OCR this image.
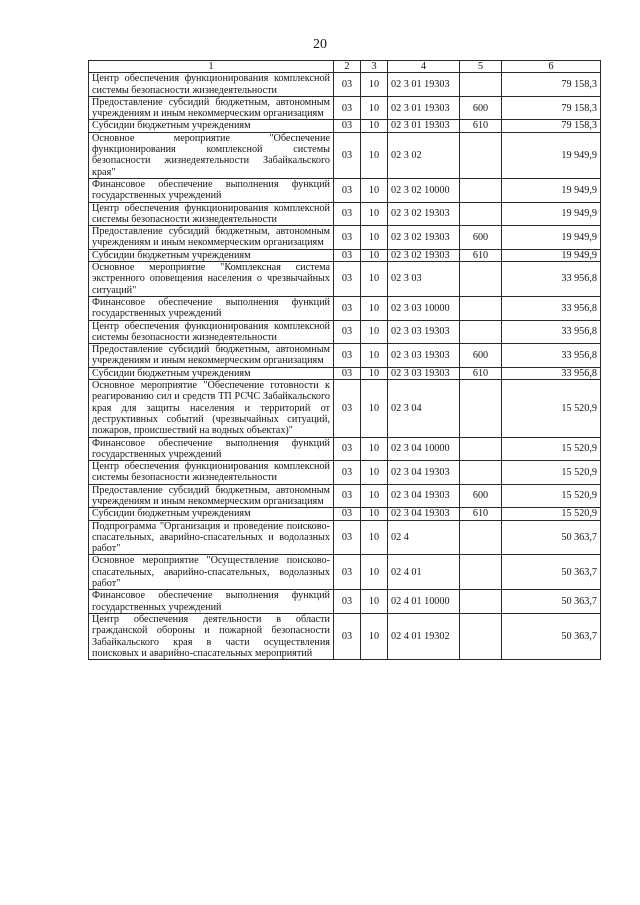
20
1	2	3	4	5	6
Центр обеспечения функционирования комплексной системы безопасности жизнедеятельности	03	10	02 3 01 19303		79 158,3
Предоставление субсидий бюджетным, автономным учреждениям и иным некоммерческим организациям	03	10	02 3 01 19303	600	79 158,3
Субсидии бюджетным учреждениям	03	10	02 3 01 19303	610	79 158,3
Основное мероприятие "Обеспечение функционирования комплексной системы безопасности жизнедеятельности Забайкальского края"	03	10	02 3 02		19 949,9
Финансовое обеспечение выполнения функций государственных учреждений	03	10	02 3 02 10000		19 949,9
Центр обеспечения функционирования комплексной системы безопасности жизнедеятельности	03	10	02 3 02 19303		19 949,9
Предоставление субсидий бюджетным, автономным учреждениям и иным некоммерческим организациям	03	10	02 3 02 19303	600	19 949,9
Субсидии бюджетным учреждениям	03	10	02 3 02 19303	610	19 949,9
Основное мероприятие "Комплексная система экстренного оповещения населения о чрезвычайных ситуаций"	03	10	02 3 03		33 956,8
Финансовое обеспечение выполнения функций государственных учреждений	03	10	02 3 03 10000		33 956,8
Центр обеспечения функционирования комплексной системы безопасности жизнедеятельности	03	10	02 3 03 19303		33 956,8
Предоставление субсидий бюджетным, автономным учреждениям и иным некоммерческим организациям	03	10	02 3 03 19303	600	33 956,8
Субсидии бюджетным учреждениям	03	10	02 3 03 19303	610	33 956,8
Основное мероприятие "Обеспечение готовности к реагированию сил и средств ТП РСЧС Забайкальского края для защиты населения и территорий от деструктивных событий (чрезвычайных ситуаций, пожаров, происшествий на водных объектах)"	03	10	02 3 04		15 520,9
Финансовое обеспечение выполнения функций государственных учреждений	03	10	02 3 04 10000		15 520,9
Центр обеспечения функционирования комплексной системы безопасности жизнедеятельности	03	10	02 3 04 19303		15 520,9
Предоставление субсидий бюджетным, автономным учреждениям и иным некоммерческим организациям	03	10	02 3 04 19303	600	15 520,9
Субсидии бюджетным учреждениям	03	10	02 3 04 19303	610	15 520,9
Подпрограмма "Организация и проведение поисково-спасательных, аварийно-спасательных и водолазных работ"	03	10	02 4		50 363,7
Основное мероприятие "Осуществление поисково-спасательных, аварийно-спасательных, водолазных работ"	03	10	02 4 01		50 363,7
Финансовое обеспечение выполнения функций государственных учреждений	03	10	02 4 01 10000		50 363,7
Центр обеспечения деятельности в области гражданской обороны и пожарной безопасности Забайкальского края в части осуществления поисковых и аварийно-спасательных мероприятий	03	10	02 4 01 19302		50 363,7
